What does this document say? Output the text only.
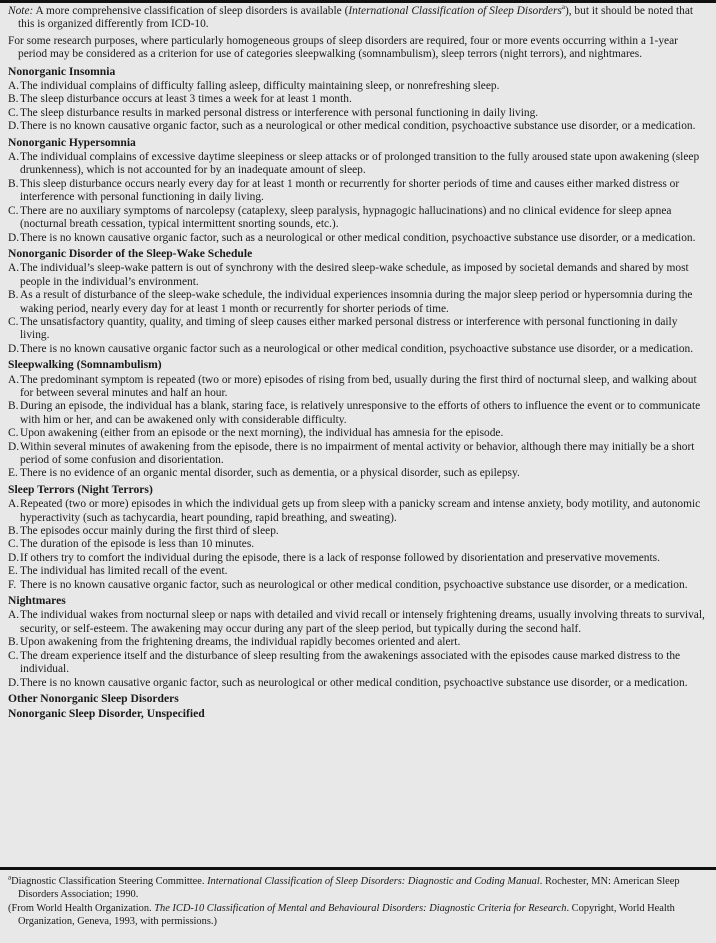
Note: A more comprehensive classification of sleep disorders is available (International Classification of Sleep Disorders$^a$), but it should be noted that this is organized differently from ICD-10.

For some research purposes, where particularly homogeneous groups of sleep disorders are required, four or more events occurring within a 1-year period may be considered as a criterion for use of categories sleepwalking (somnambulism), sleep terrors (night terrors), and nightmares.

Nonorganic Insomnia
A. The individual complains of difficulty falling asleep, difficulty maintaining sleep, or nonrefreshing sleep.
B. The sleep disturbance occurs at least 3 times a week for at least 1 month.
C. The sleep disturbance results in marked personal distress or interference with personal functioning in daily living.
D. There is no known causative organic factor, such as a neurological or other medical condition, psychoactive substance use disorder, or a medication.
Nonorganic Hypersomnia
A. The individual complains of excessive daytime sleepiness or sleep attacks or of prolonged transition to the fully aroused state upon awakening (sleep drunkenness), which is not accounted for by an inadequate amount of sleep.
B. This sleep disturbance occurs nearly every day for at least 1 month or recurrently for shorter periods of time and causes either marked distress or interference with personal functioning in daily living.
C. There are no auxiliary symptoms of narcolepsy (cataplexy, sleep paralysis, hypnagogic hallucinations) and no clinical evidence for sleep apnea (nocturnal breath cessation, typical intermittent snorting sounds, etc.).
D. There is no known causative organic factor, such as a neurological or other medical condition, psychoactive substance use disorder, or a medication.
Nonorganic Disorder of the Sleep-Wake Schedule
A. The individual’s sleep-wake pattern is out of synchrony with the desired sleep-wake schedule, as imposed by societal demands and shared by most people in the individual’s environment.
B. As a result of disturbance of the sleep-wake schedule, the individual experiences insomnia during the major sleep period or hypersomnia during the waking period, nearly every day for at least 1 month or recurrently for shorter periods of time.
C. The unsatisfactory quantity, quality, and timing of sleep causes either marked personal distress or interference with personal functioning in daily living.
D. There is no known causative organic factor such as a neurological or other medical condition, psychoactive substance use disorder, or a medication.
Sleepwalking (Somnambulism)
A. The predominant symptom is repeated (two or more) episodes of rising from bed, usually during the first third of nocturnal sleep, and walking about for between several minutes and half an hour.
B. During an episode, the individual has a blank, staring face, is relatively unresponsive to the efforts of others to influence the event or to communicate with him or her, and can be awakened only with considerable difficulty.
C. Upon awakening (either from an episode or the next morning), the individual has amnesia for the episode.
D. Within several minutes of awakening from the episode, there is no impairment of mental activity or behavior, although there may initially be a short period of some confusion and disorientation.
E. There is no evidence of an organic mental disorder, such as dementia, or a physical disorder, such as epilepsy.
Sleep Terrors (Night Terrors)
A. Repeated (two or more) episodes in which the individual gets up from sleep with a panicky scream and intense anxiety, body motility, and autonomic hyperactivity (such as tachycardia, heart pounding, rapid breathing, and sweating).
B. The episodes occur mainly during the first third of sleep.
C. The duration of the episode is less than 10 minutes.
D. If others try to comfort the individual during the episode, there is a lack of response followed by disorientation and preservative movements.
E. The individual has limited recall of the event.
F. There is no known causative organic factor, such as neurological or other medical condition, psychoactive substance use disorder, or a medication.
Nightmares
A. The individual wakes from nocturnal sleep or naps with detailed and vivid recall or intensely frightening dreams, usually involving threats to survival, security, or self-esteem. The awakening may occur during any part of the sleep period, but typically during the second half.
B. Upon awakening from the frightening dreams, the individual rapidly becomes oriented and alert.
C. The dream experience itself and the disturbance of sleep resulting from the awakenings associated with the episodes cause marked distress to the individual.
D. There is no known causative organic factor, such as neurological or other medical condition, psychoactive substance use disorder, or a medication.
Other Nonorganic Sleep Disorders
Nonorganic Sleep Disorder, Unspecified

$^a$Diagnostic Classification Steering Committee. International Classification of Sleep Disorders: Diagnostic and Coding Manual. Rochester, MN: American Sleep Disorders Association; 1990.

(From World Health Organization. The ICD-10 Classification of Mental and Behavioural Disorders: Diagnostic Criteria for Research. Copyright, World Health Organization, Geneva, 1993, with permissions.)
